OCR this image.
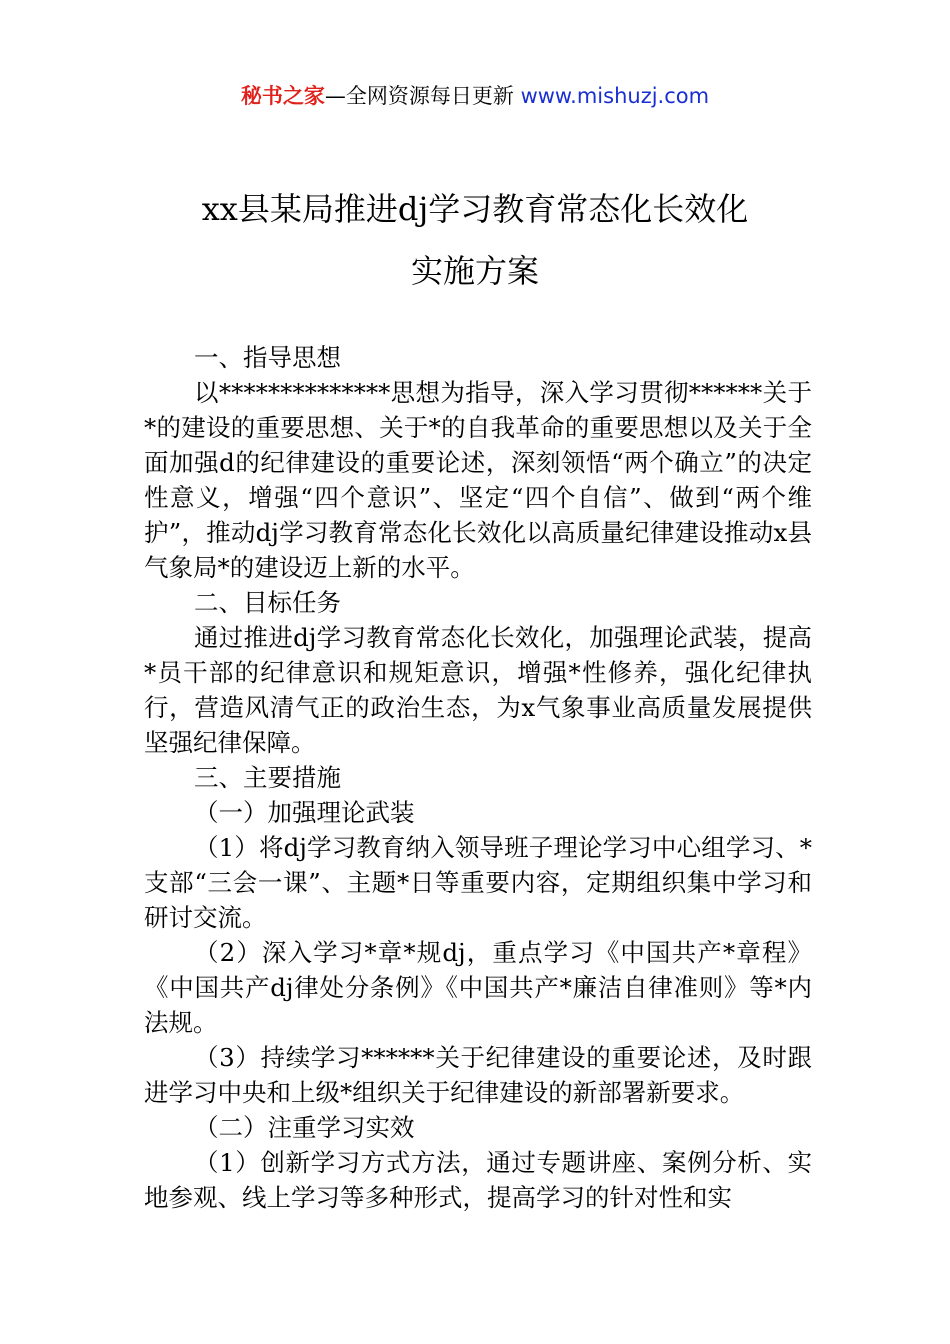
秘书之家—全网资源每日更新 www.mishuzj.com
xx县某局推进dj学习教育常态化长效化
实施方案

一、指导思想

以**************思想为指导，深入学习贯彻******关于*的建设的重要思想、关于*的自我革命的重要思想以及关于全面加强d的纪律建设的重要论述，深刻领悟“两个确立”的决定性意义，增强“四个意识”、坚定“四个自信”、做到“两个维护”，推动dj学习教育常态化长效化以高质量纪律建设推动x县气象局*的建设迈上新的水平。

二、目标任务

通过推进dj学习教育常态化长效化，加强理论武装，提高*员干部的纪律意识和规矩意识，增强*性修养，强化纪律执行，营造风清气正的政治生态，为x气象事业高质量发展提供坚强纪律保障。

三、主要措施

（一）加强理论武装

（1）将dj学习教育纳入领导班子理论学习中心组学习、*支部“三会一课”、主题*日等重要内容，定期组织集中学习和研讨交流。

（2）深入学习*章*规dj，重点学习《中国共产*章程》《中国共产dj律处分条例》《中国共产*廉洁自律准则》等*内法规。

（3）持续学习******关于纪律建设的重要论述，及时跟进学习中央和上级*组织关于纪律建设的新部署新要求。

（二）注重学习实效

（1）创新学习方式方法，通过专题讲座、案例分析、实地参观、线上学习等多种形式，提高学习的针对性和实
